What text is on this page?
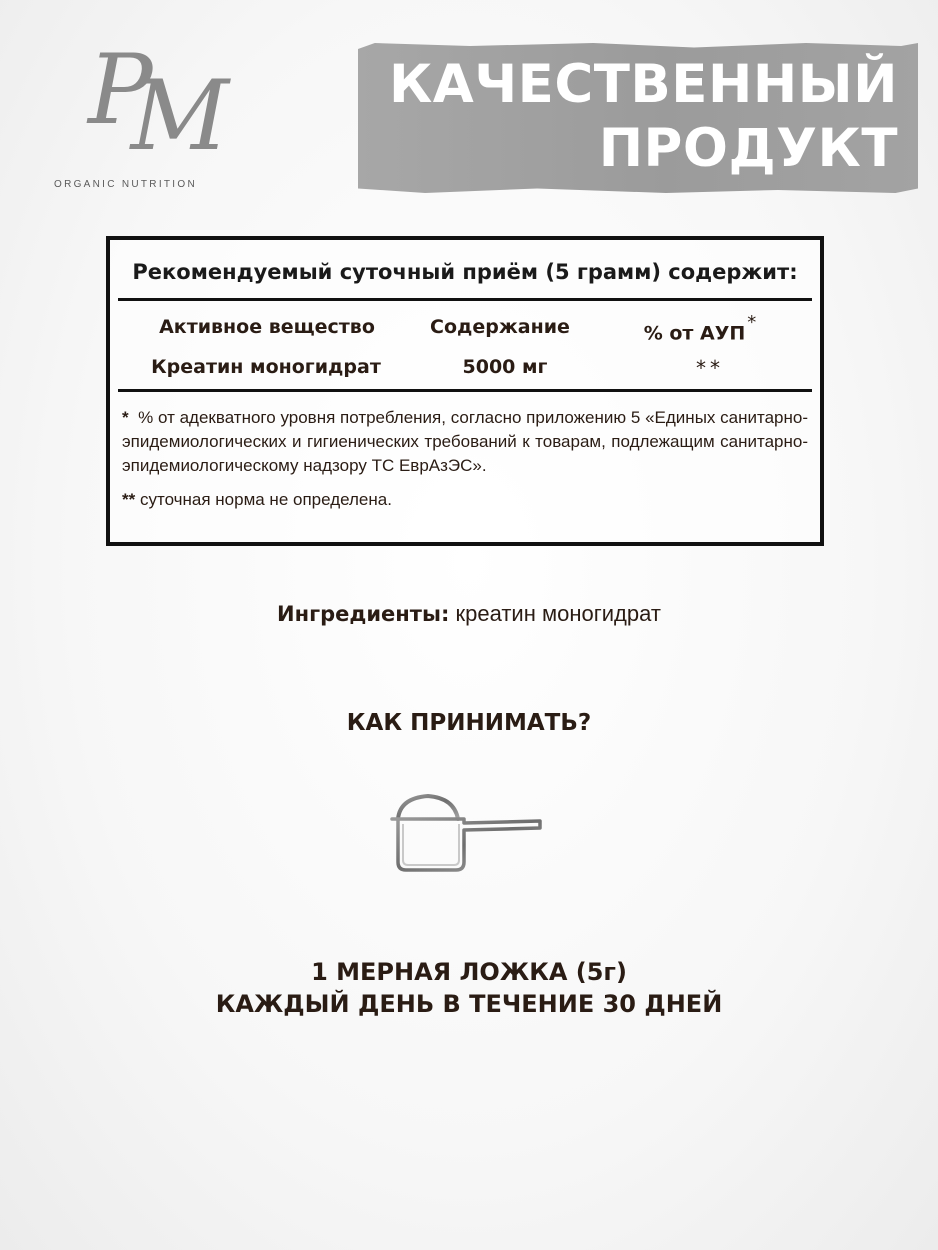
PM
ORGANIC NUTRITION
КАЧЕСТВЕННЫЙ
ПРОДУКТ
Рекомендуемый суточный приём (5 грамм) содержит:
Активное вещество	Содержание	% от АУП *
Креатин моногидрат	5000 мг	**

* % от адекватного уровня потребления, согласно приложению 5 «Единых санитарно-эпидемиологических и гигиенических требований к товарам, подлежащим санитарно-эпидемиологическому надзору ТС ЕврАзЭС».

** суточная норма не определена.

Ингредиенты: креатин моногидрат
КАК ПРИНИМАТЬ?
1 МЕРНАЯ ЛОЖКА (5г)
КАЖДЫЙ ДЕНЬ В ТЕЧЕНИЕ 30 ДНЕЙ
